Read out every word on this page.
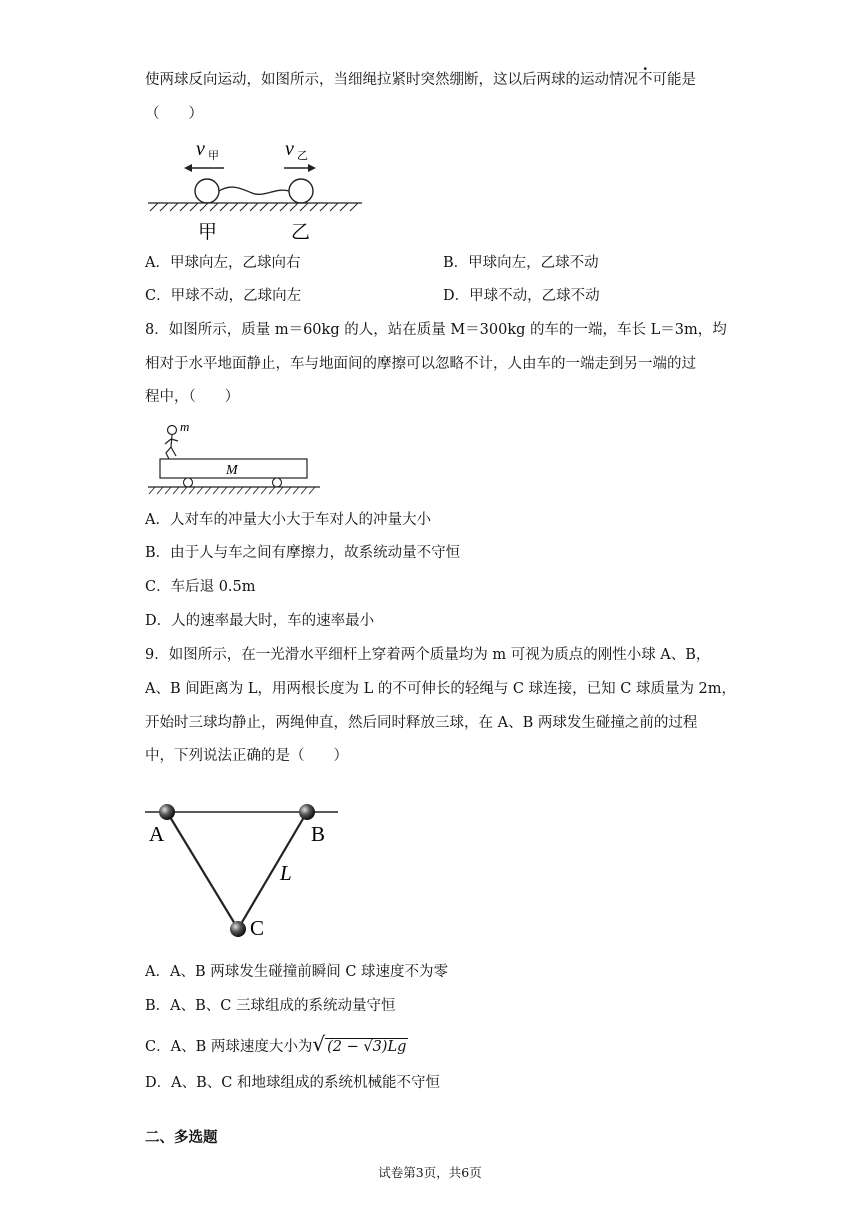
使两球反向运动，如图所示，当细绳拉紧时突然绷断，这以后两球的运动情况不可能是
（　　）
v 甲	v 乙
甲	乙
A．甲球向左，乙球向右	B．甲球向左，乙球不动
C．甲球不动，乙球向左	D．甲球不动，乙球不动
8．如图所示，质量 m＝60kg 的人，站在质量 M＝300kg 的车的一端，车长 L＝3m，均
相对于水平地面静止，车与地面间的摩擦可以忽略不计，人由车的一端走到另一端的过
程中，（　　）
m
M
A．人对车的冲量大小大于车对人的冲量大小
B．由于人与车之间有摩擦力，故系统动量不守恒
C．车后退 0.5m
D．人的速率最大时，车的速率最小
9．如图所示，在一光滑水平细杆上穿着两个质量均为 m 可视为质点的刚性小球 A、B，
A、B 间距离为 L，用两根长度为 L 的不可伸长的轻绳与 C 球连接，已知 C 球质量为 2m，
开始时三球均静止，两绳伸直，然后同时释放三球，在 A、B 两球发生碰撞之前的过程
中，下列说法正确的是（　　）
A	B
C
L
A．A、B 两球发生碰撞前瞬间 C 球速度不为零
B．A、B、C 三球组成的系统动量守恒
C．A、B 两球速度大小为√ (2 − √3)Lg
D．A、B、C 和地球组成的系统机械能不守恒
二、多选题
试卷第3页，共6页
